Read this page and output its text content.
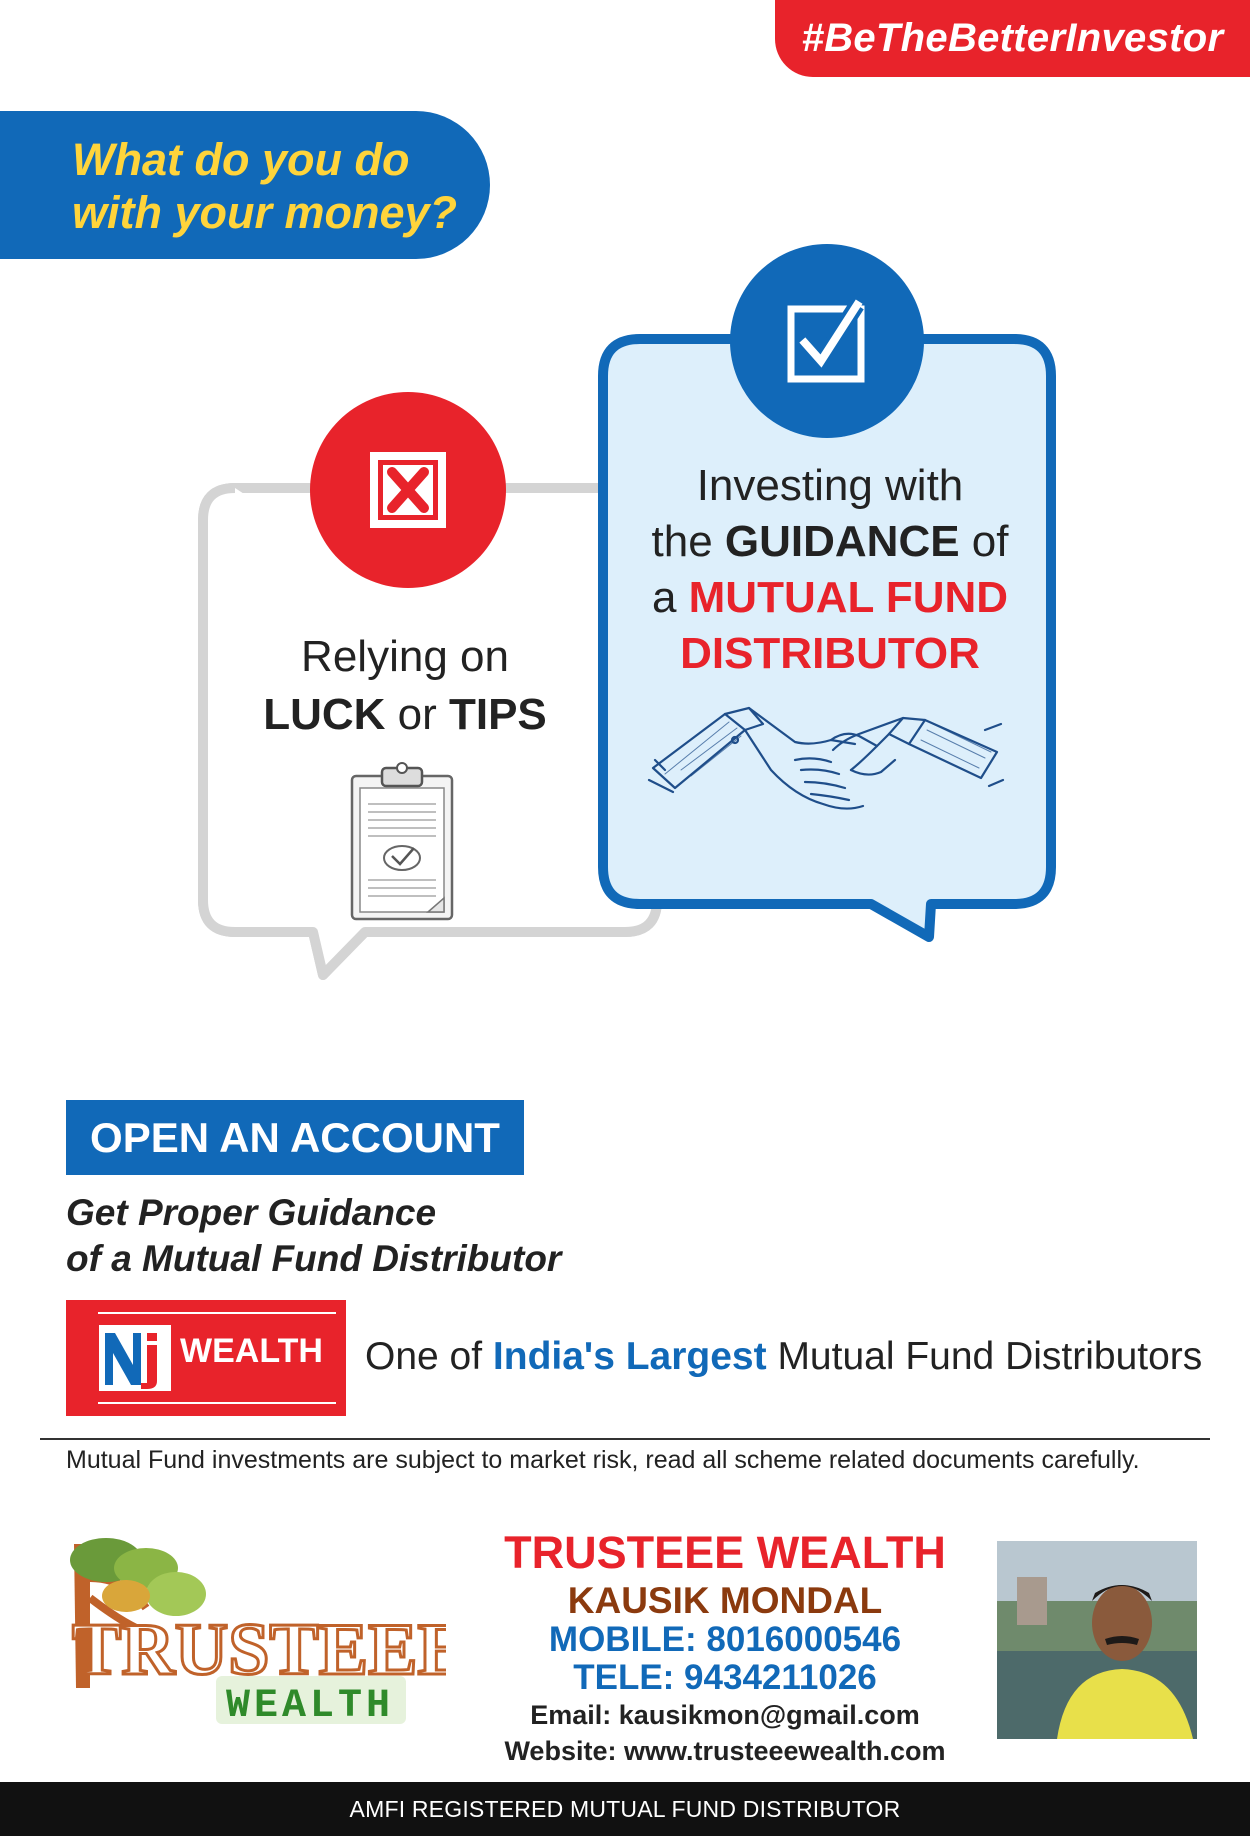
#BeTheBetterInvestor
What do you do
with your money?
Relying on
LUCK or TIPS
Investing with
the GUIDANCE of
a MUTUAL FUND
DISTRIBUTOR
OPEN AN ACCOUNT
Get Proper Guidance
of a Mutual Fund Distributor
WEALTH One of India's Largest Mutual Fund Distributors
Mutual Fund investments are subject to market risk, read all scheme related documents carefully.
TRUSTEEE
WEALTH
TRUSTEEE WEALTH
KAUSIK MONDAL
MOBILE: 8016000546
TELE: 9434211026
Email: kausikmon@gmail.com
Website: www.trusteeewealth.com
AMFI REGISTERED MUTUAL FUND DISTRIBUTOR
